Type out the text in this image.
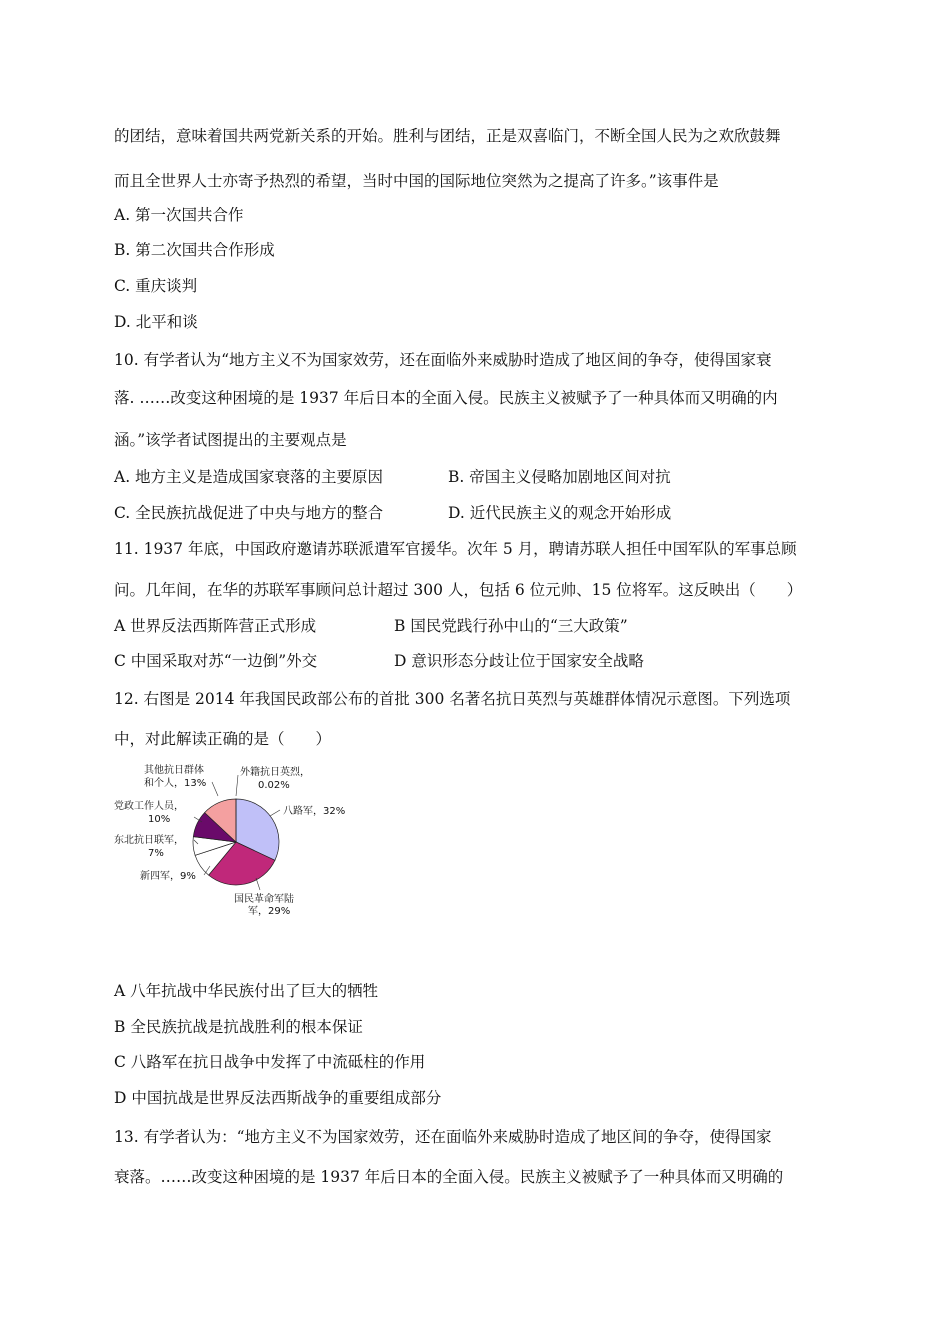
的团结，意味着国共两党新关系的开始。胜利与团结，正是双喜临门，不断全国人民为之欢欣鼓舞
而且全世界人士亦寄予热烈的希望，当时中国的国际地位突然为之提高了许多。”该事件是
A. 第一次国共合作
B. 第二次国共合作形成
C. 重庆谈判
D. 北平和谈
10. 有学者认为“地方主义不为国家效劳，还在面临外来威胁时造成了地区间的争夺，使得国家衰
落. ……改变这种困境的是 1937 年后日本的全面入侵。民族主义被赋予了一种具体而又明确的内
涵。”该学者试图提出的主要观点是
A. 地方主义是造成国家衰落的主要原因	B. 帝国主义侵略加剧地区间对抗
C. 全民族抗战促进了中央与地方的整合	D. 近代民族主义的观念开始形成
11. 1937 年底，中国政府邀请苏联派遣军官援华。次年 5 月，聘请苏联人担任中国军队的军事总顾
问。几年间，在华的苏联军事顾问总计超过 300 人，包括 6 位元帅、15 位将军。这反映出（　　）
A 世界反法西斯阵营正式形成	B 国民党践行孙中山的“三大政策”
C 中国采取对苏“一边倒”外交	D 意识形态分歧让位于国家安全战略
12. 右图是 2014 年我国民政部公布的首批 300 名著名抗日英烈与英雄群体情况示意图。下列选项
中，对此解读正确的是（　　）
外籍抗日英烈，
0.02%
八路军，32%
国民革命军陆
军，29%
新四军，9%
东北抗日联军，
7%
党政工作人员，
10%
其他抗日群体
和个人，13%
A 八年抗战中华民族付出了巨大的牺牲
B 全民族抗战是抗战胜利的根本保证
C 八路军在抗日战争中发挥了中流砥柱的作用
D 中国抗战是世界反法西斯战争的重要组成部分
13. 有学者认为：“地方主义不为国家效劳，还在面临外来威胁时造成了地区间的争夺，使得国家
衰落。……改变这种困境的是 1937 年后日本的全面入侵。民族主义被赋予了一种具体而又明确的
